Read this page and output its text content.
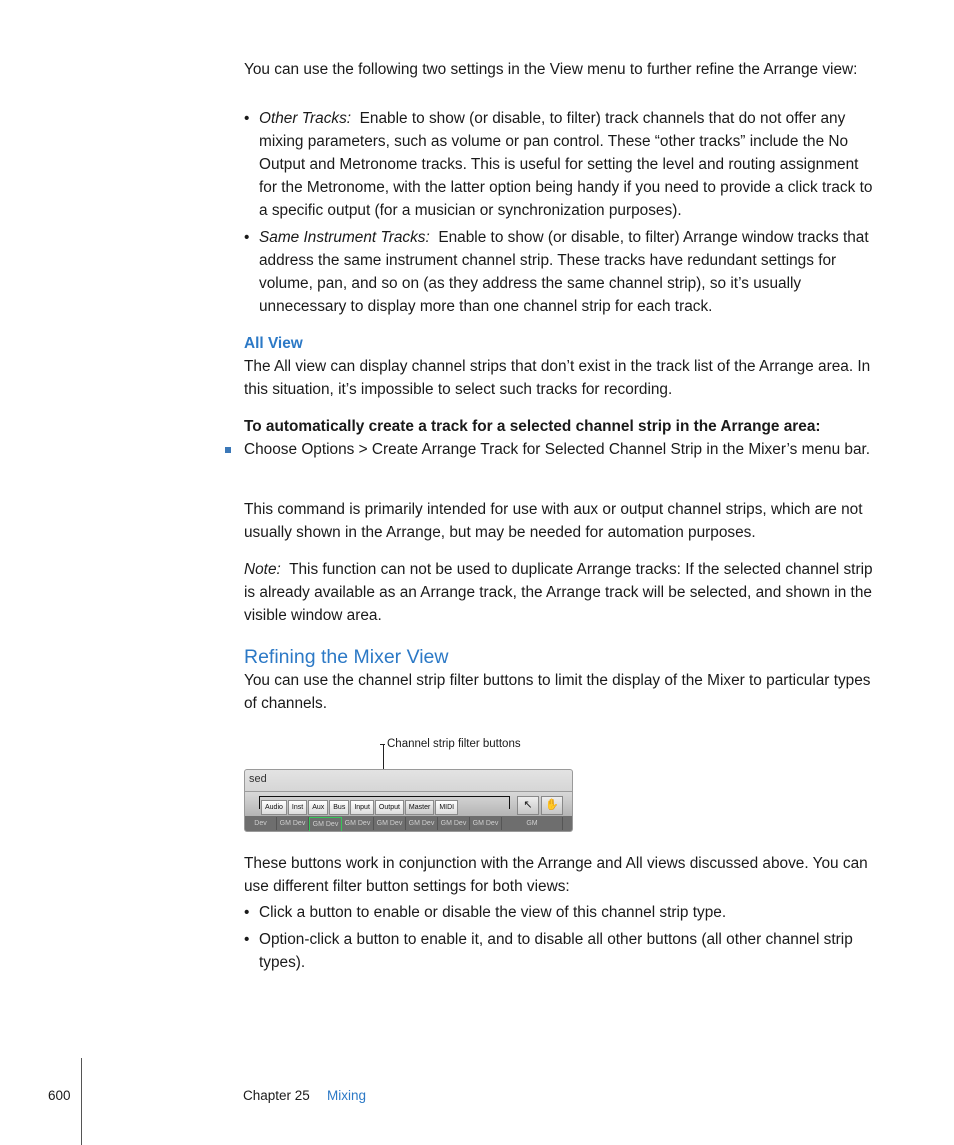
You can use the following two settings in the View menu to further refine the Arrange view:

• Other Tracks: Enable to show (or disable, to filter) track channels that do not offer any mixing parameters, such as volume or pan control. These “other tracks” include the No Output and Metronome tracks. This is useful for setting the level and routing assignment for the Metronome, with the latter option being handy if you need to provide a click track to a specific output (for a musician or synchronization purposes).

• Same Instrument Tracks: Enable to show (or disable, to filter) Arrange window tracks that address the same instrument channel strip. These tracks have redundant settings for volume, pan, and so on (as they address the same channel strip), so it’s usually unnecessary to display more than one channel strip for each track.

All View

The All view can display channel strips that don’t exist in the track list of the Arrange area. In this situation, it’s impossible to select such tracks for recording.

To automatically create a track for a selected channel strip in the Arrange area:

Choose Options > Create Arrange Track for Selected Channel Strip in the Mixer’s menu bar.

This command is primarily intended for use with aux or output channel strips, which are not usually shown in the Arrange, but may be needed for automation purposes.

Note: This function can not be used to duplicate Arrange tracks: If the selected channel strip is already available as an Arrange track, the Arrange track will be selected, and shown in the visible window area.

Refining the Mixer View

You can use the channel strip filter buttons to limit the display of the Mixer to particular types of channels.

Channel strip filter buttons
sed
Audio	Inst	Aux	Bus	Input	Output	Master	MIDI	↖	✋
Dev	GM Dev	GM Dev GM Dev GM Dev GM Dev GM Dev GM Dev	GM

These buttons work in conjunction with the Arrange and All views discussed above. You can use different filter button settings for both views:

• Click a button to enable or disable the view of this channel strip type.

• Option-click a button to enable it, and to disable all other buttons (all other channel strip types).

600	Chapter 25 Mixing
